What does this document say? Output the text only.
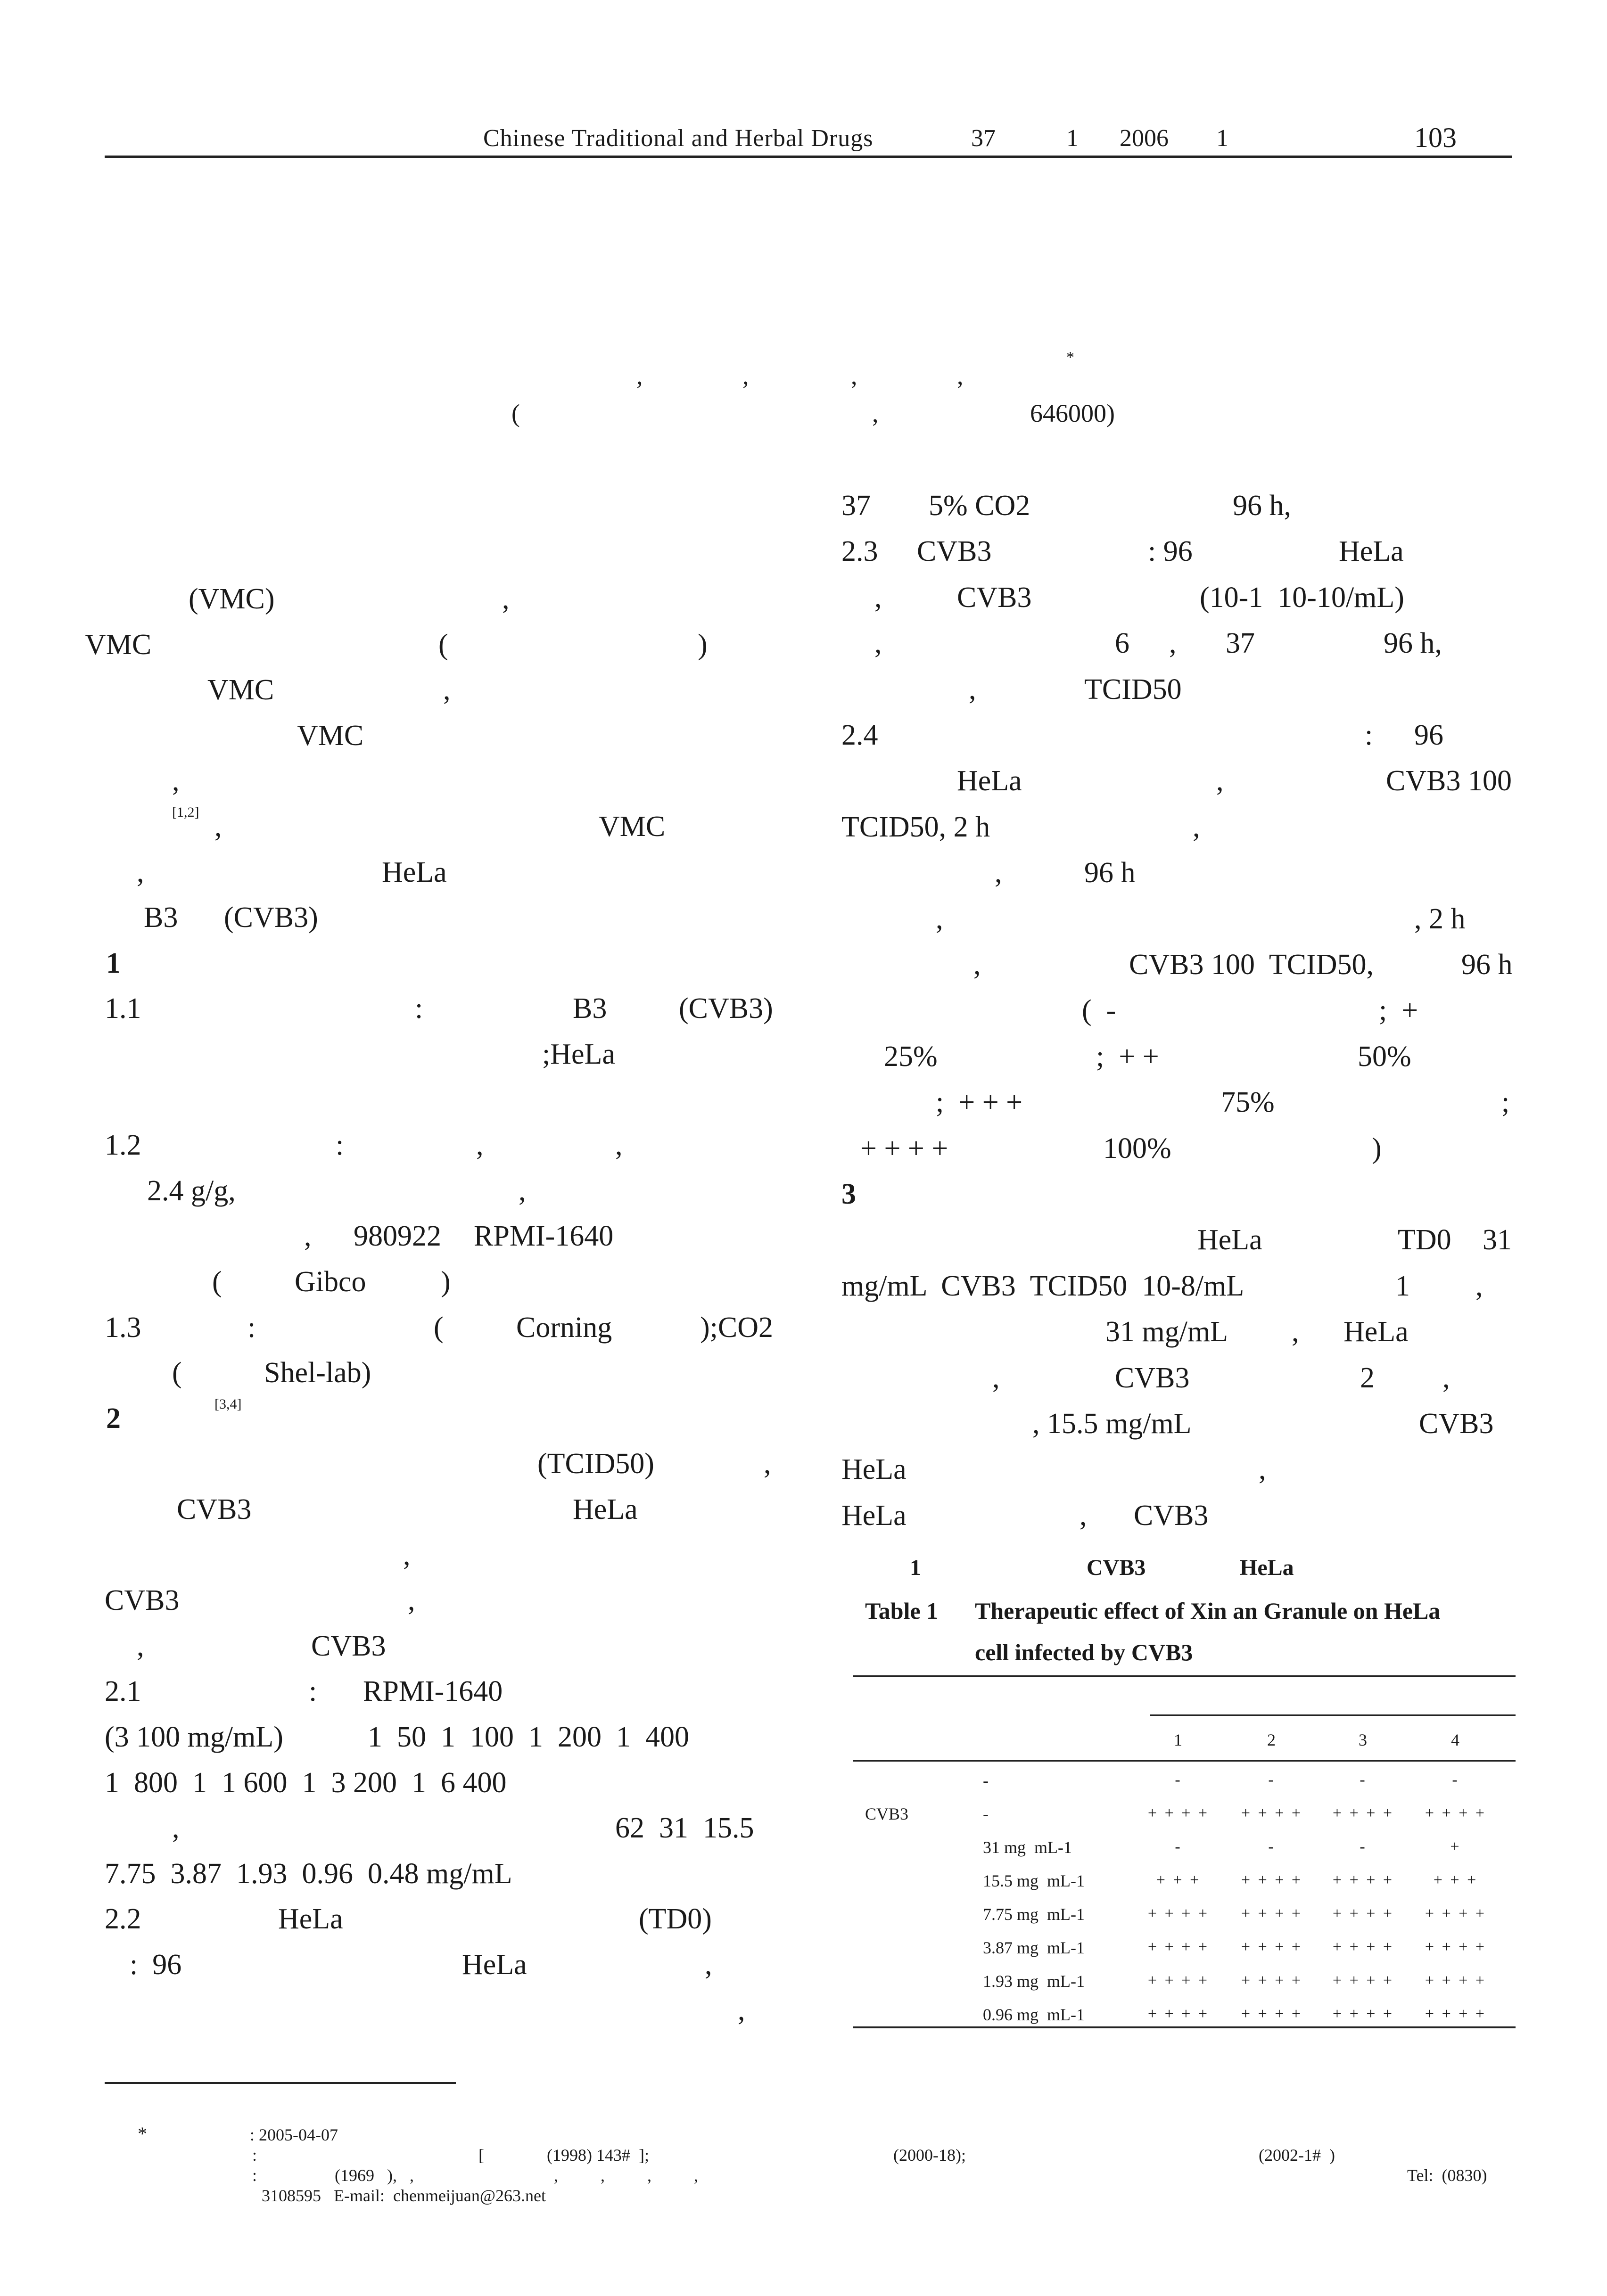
Chinese Traditional and Herbal Drugs	37	1 2006 1	103
*
,	,	,	,
(	,	646000)
(VMC)	,
VMC	(	)
VMC	,
VMC
,
[1,2] ,	VMC
,	HeLa
B3 (CVB3)
1
1.1	:	B3 (CVB3)
;HeLa
1.2	:	,	,
2.4 g/g,	,
, 980922 RPMI-1640
( Gibco	)
1.3	:	( Corning	);CO2
(	Shel-lab)
2	[3,4]
(TCID50)	,
CVB3	HeLa
,
CVB3	,
,	CVB3
2.1	: RPMI-1640
(3 100 mg/mL)	1  50  1  100  1  200  1  400
1  800  1  1 600  1  3 200  1  6 400
,	62  31  15.5
7.75  3.87  1.93  0.96  0.48 mg/mL
2.2	HeLa	(TD0)
:  96	HeLa	,
,
37 5% CO2	96 h,
2.3 CVB3	: 96	HeLa
,	CVB3	(10-1  10-10/mL)
,	6 , 37	96 h,
,	TCID50
2.4	: 96
HeLa	,	CVB3 100
TCID50, 2 h	,
,	96 h
,	, 2 h
,	CVB3 100  TCID50,	96 h
(  -	;  +
25%	;  + +	50%
;  + + +	75%	;
+ + + +	100%	)
3
HeLa	TD0 31
mg/mL  CVB3  TCID50  10-8/mL	1 ,
31 mg/mL , HeLa
,	CVB3	2 ,
, 15.5 mg/mL	CVB3
HeLa	,
HeLa	, CVB3
1	CVB3	HeLa
Table 1 Therapeutic effect of Xin an Granule on HeLa
cell infected by CVB3
1	2	3	4
-	-	-	-	-
CVB3	-	+ + + +	+ + + +	+ + + +	+ + + +
31 mg  mL-1	-	-	-	+
15.5 mg  mL-1	+ + +	+ + + +	+ + + +	+ + +
7.75 mg  mL-1	+ + + +	+ + + +	+ + + +	+ + + +
3.87 mg  mL-1	+ + + +	+ + + +	+ + + +	+ + + +
1.93 mg  mL-1	+ + + +	+ + + +	+ + + +	+ + + +
0.96 mg  mL-1	+ + + +	+ + + +	+ + + +	+ + + +
*	: 2005-04-07
:	[	(1998) 143#  ];	(2000-18);	(2002-1#  )
:	(1969   ),   ,	,          ,          ,          ,	Tel:  (0830)
3108595   E-mail:  chenmeijuan@263.net
